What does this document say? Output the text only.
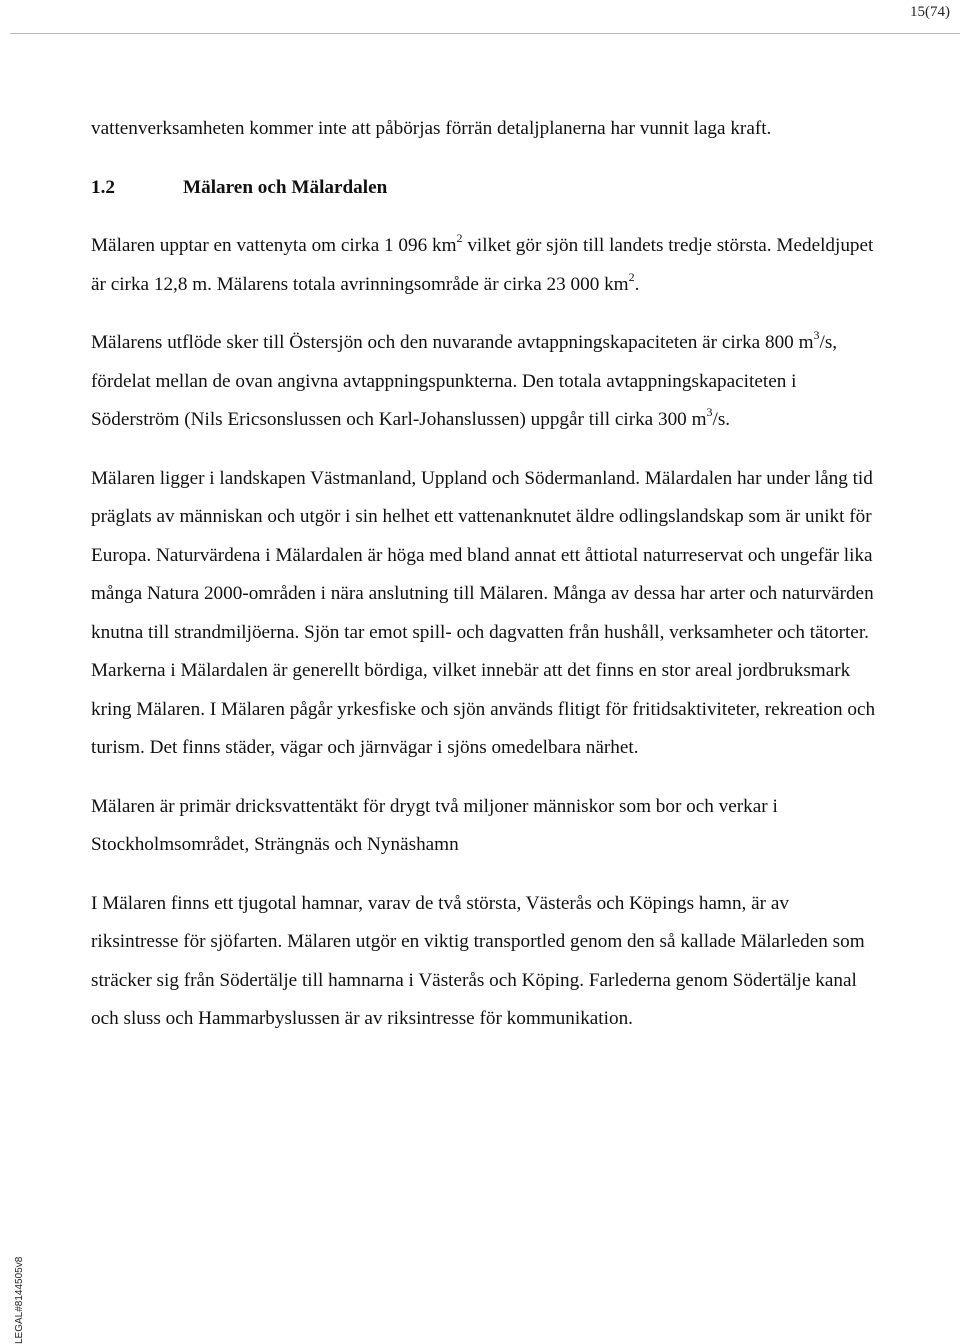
15(74)

vattenverksamheten kommer inte att påbörjas förrän detaljplanerna har vunnit laga kraft.

1.2	Mälaren och Mälardalen

Mälaren upptar en vattenyta om cirka 1 096 $km^2$ vilket gör sjön till landets tredje största. Medeldjupet är cirka 12,8 m. Mälarens totala avrinningsområde är cirka 23 000 $km^2$.

Mälarens utflöde sker till Östersjön och den nuvarande avtappningskapaciteten är cirka 800 $m^3/s$, fördelat mellan de ovan angivna avtappningspunkterna. Den totala avtappningskapaciteten i Söderström (Nils Ericsonslussen och Karl-Johanslussen) uppgår till cirka 300 $m^3/s$.

Mälaren ligger i landskapen Västmanland, Uppland och Södermanland. Mälardalen har under lång tid präglats av människan och utgör i sin helhet ett vattenanknutet äldre odlingslandskap som är unikt för Europa. Naturvärdena i Mälardalen är höga med bland annat ett åttiotal naturreservat och ungefär lika många Natura 2000-områden i nära anslutning till Mälaren. Många av dessa har arter och naturvärden knutna till strandmiljöerna. Sjön tar emot spill- och dagvatten från hushåll, verksamheter och tätorter. Markerna i Mälardalen är generellt bördiga, vilket innebär att det finns en stor areal jordbruksmark kring Mälaren. I Mälaren pågår yrkesfiske och sjön används flitigt för fritidsaktiviteter, rekreation och turism. Det finns städer, vägar och järnvägar i sjöns omedelbara närhet.

Mälaren är primär dricksvattentäkt för drygt två miljoner människor som bor och verkar i Stockholmsområdet, Strängnäs och Nynäshamn

I Mälaren finns ett tjugotal hamnar, varav de två största, Västerås och Köpings hamn, är av riksintresse för sjöfarten. Mälaren utgör en viktig transportled genom den så kallade Mälarleden som sträcker sig från Södertälje till hamnarna i Västerås och Köping. Farlederna genom Södertälje kanal och sluss och Hammarbyslussen är av riksintresse för kommunikation.

LEGAL#8144505v8
